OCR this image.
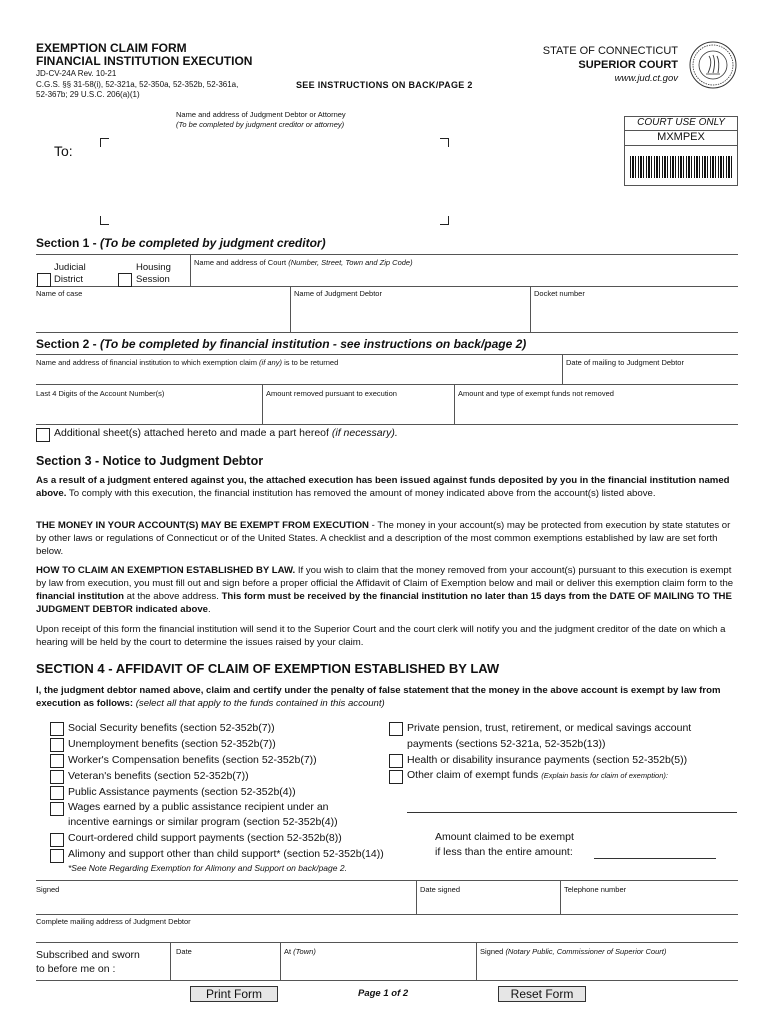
EXEMPTION CLAIM FORM
FINANCIAL INSTITUTION EXECUTION
JD-CV-24A Rev. 10-21
C.G.S. §§ 31-58(i), 52-321a, 52-350a, 52-352b, 52-361a,
52-367b; 29 U.S.C. 206(a)(1)
SEE INSTRUCTIONS ON BACK/PAGE 2
STATE OF CONNECTICUT
SUPERIOR COURT
www.jud.ct.gov
Name and address of Judgment Debtor or Attorney
(To be completed by judgment creditor or attorney)
To:
COURT USE ONLY
MXMPEX
Section 1 - (To be completed by judgment creditor)
Judicial
District
Housing
Session
Name and address of Court (Number, Street, Town and Zip Code)
Name of case	Name of Judgment Debtor	Docket number
Section 2 - (To be completed by financial institution - see instructions on back/page 2)
Name and address of financial institution to which exemption claim (if any) is to be returned	Date of mailing to Judgment Debtor
Last 4 Digits of the Account Number(s)	Amount removed pursuant to execution	Amount and type of exempt funds not removed
Additional sheet(s) attached hereto and made a part hereof (if necessary).
Section 3 - Notice to Judgment Debtor
As a result of a judgment entered against you, the attached execution has been issued against funds deposited by you in the financial institution named above. To comply with this execution, the financial institution has removed the amount of money indicated above from the account(s) listed above.
THE MONEY IN YOUR ACCOUNT(S) MAY BE EXEMPT FROM EXECUTION - The money in your account(s) may be protected from execution by state statutes or by other laws or regulations of Connecticut or of the United States. A checklist and a description of the most common exemptions established by law are set forth below.
HOW TO CLAIM AN EXEMPTION ESTABLISHED BY LAW. If you wish to claim that the money removed from your account(s) pursuant to this execution is exempt by law from execution, you must fill out and sign before a proper official the Affidavit of Claim of Exemption below and mail or deliver this exemption claim form to the financial institution at the above address. This form must be received by the financial institution no later than 15 days from the DATE OF MAILING TO THE JUDGMENT DEBTOR indicated above.
Upon receipt of this form the financial institution will send it to the Superior Court and the court clerk will notify you and the judgment creditor of the date on which a hearing will be held by the court to determine the issues raised by your claim.
SECTION 4 - AFFIDAVIT OF CLAIM OF EXEMPTION ESTABLISHED BY LAW
I, the judgment debtor named above, claim and certify under the penalty of false statement that the money in the above account is exempt by law from execution as follows: (select all that apply to the funds contained in this account)
Social Security benefits (section 52-352b(7))
Unemployment benefits (section 52-352b(7))
Worker's Compensation benefits (section 52-352b(7))
Veteran's benefits (section 52-352b(7))
Public Assistance payments (section 52-352b(4))
Wages earned by a public assistance recipient under an
incentive earnings or similar program (section 52-352b(4))
Court-ordered child support payments (section 52-352b(8))
Alimony and support other than child support* (section 52-352b(14))
Private pension, trust, retirement, or medical savings account
payments (sections 52-321a, 52-352b(13))
Health or disability insurance payments (section 52-352b(5))
Other claim of exempt funds (Explain basis for claim of exemption):
Amount claimed to be exempt
if less than the entire amount:
*See Note Regarding Exemption for Alimony and Support on back/page 2.
Signed	Date signed	Telephone number
Complete mailing address of Judgment Debtor
Subscribed and sworn
to before me on :
Date	At (Town)	Signed (Notary Public, Commissioner of Superior Court)
Print Form	Page 1 of 2	Reset Form
